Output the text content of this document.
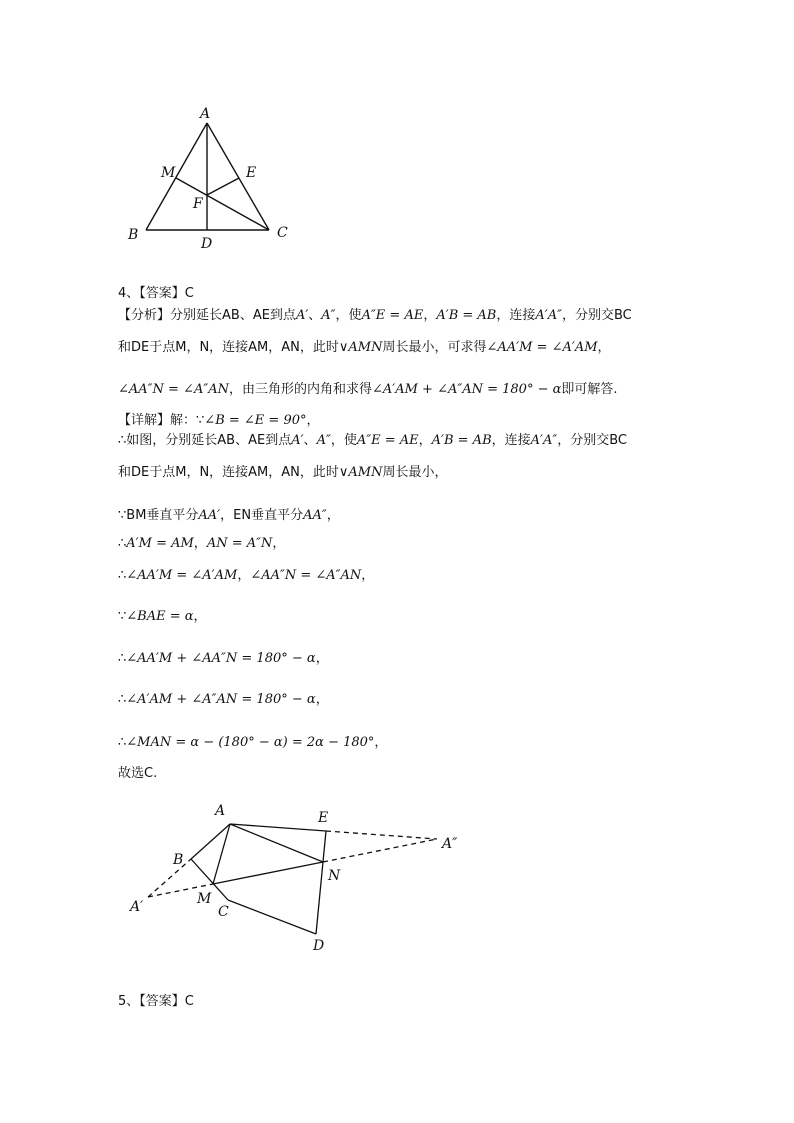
A
M	E
F
B
D
C
4、【答案】C
【分析】分别延长AB、AE到点A′、A″，使A″E = AE，A′B = AB，连接A′A″，分别交BC
和DE于点M，N，连接AM，AN，此时∨AMN周长最小，可求得∠AA′M = ∠A′AM，
∠AA″N = ∠A″AN，由三角形的内角和求得∠A′AM + ∠A″AN = 180° − α即可解答.
【详解】解：∵∠B = ∠E = 90°，
∴如图，分别延长AB、AE到点A′、A″，使A″E = AE，A′B = AB，连接A′A″，分别交BC
和DE于点M，N，连接AM，AN，此时∨AMN周长最小，
∵BM垂直平分AA′，EN垂直平分AA″，
∴A′M = AM，AN = A″N，
∴∠AA′M = ∠A′AM，∠AA″N = ∠A″AN，
∵∠BAE = α，
∴∠AA′M + ∠AA″N = 180° − α，
∴∠A′AM + ∠A″AN = 180° − α，
∴∠MAN = α − (180° − α) = 2α − 180°，
故选C.
A	E
A″
B
N
A′	M
C
D
5、【答案】C
